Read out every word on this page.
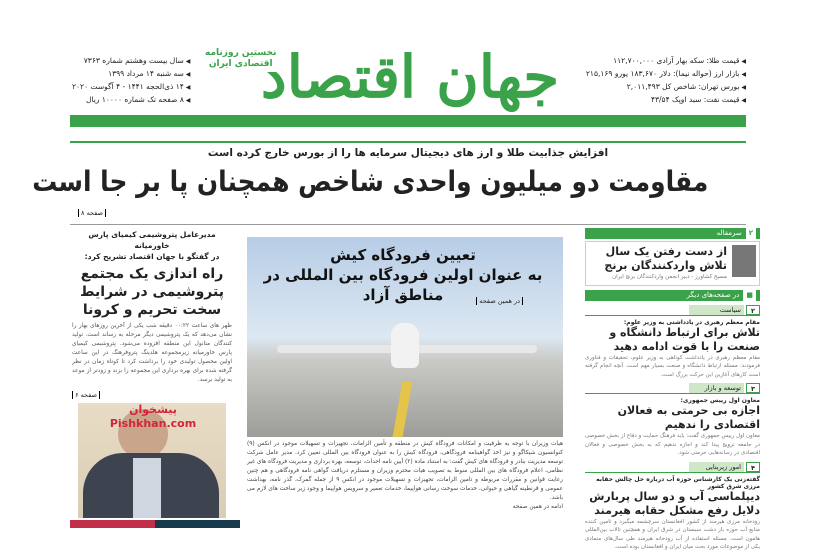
◀ سال بیست وهشتم شماره ۷۳۶۳
◀ سه شنبه ۱۴ مرداد ۱۳۹۹
◀ ۱۴ ذی‌الحجه ۱۴۴۱ - ۴ آگوست ۲۰۲۰
◀ ۸ صفحه تک شماره ۱۰۰۰۰ ریال جهان اقتصاد
نخستین روزنامه
اقتصادی ایران	◀ قیمت طلا: سکه بهار آزادی ۱۱۲,۷۰۰,۰۰۰
◀ بازار ارز (حواله نیما): دلار ۱۸۳,۶۷۰ یورو ۲۱۵,۱۶۹
◀ بورس تهران: شاخص کل ۲,۰۱۱,۴۹۳
◀ قیمت نفت: سبد اوپک ۴۳/۵۴
افزایش جذابیت طلا و ارز های دیجیتال سرمایه ها را از بورس خارج کرده است
مقاومت دو میلیون واحدی شاخص همچنان پا بر جا است
صفحه ۸
مدیرعامل پتروشیمی کیمیای پارس خاورمیانه
در گفتگو با جهان اقتصاد تشریح کرد:
راه اندازی یک مجتمع پتروشیمی در شرایط سخت تحریم و کرونا
ظهر های ساعت ۰۰:۲۲ دقیقه شب یکی از آخرین روزهای بهار را نشان می‌دهد که یک پتروشیمی دیگر مرحله به رساند است. تولید کنندگان متانول این منطقه افزوده می‌شود. پتروشیمی کیمیای پارس خاورمیانه زیرمجموعه هلدینگ پتروفرهنگ در این ساعت اولین محصول تولیدی خود را برداشت کرد تا کوتاه زمان در نظر گرفته شده برای بهره برداری این مجموعه را بزند و زودتر از موعد به تولید برسد.
صفحه ۶
پیشخوان Pishkhan.com
تعیین فرودگاه کیش
به عنوان اولین فرودگاه بین المللی در مناطق آزاد	در همین صفحه
هیات وزیران با توجه به ظرفیت و امکانات فرودگاه کیش در منطقه و تأمین الزامات، تجهیزات و تسهیلات موجود در انکس (۹) کنوانسیون شیکاگو و نیز اخذ گواهینامه فرودگاهی، فرودگاه کیش را به عنوان فرودگاه بین المللی تعیین کرد. مدیر عامل شرکت توسعه مدیریت بنادر و فرودگاه های کیش گفت: به استناد ماده (۲) آیین نامه احداث، توسعه، بهره برداری و مدیریت فرودگاه های غیر نظامی، اعلام فرودگاه های بین المللی منوط به تصویب هیات محترم وزیران و مستلزم دریافت گواهی نامه فرودگاهی و هم چنین رعایت قوانین و مقررات مربوطه و تامین الزامات، تجهیزات و تسهیلات موجود در انکس ۹ از جمله گمرک، گذر نامه، بهداشت عمومی و قرنطینه گیاهی و حیوانی، خدمات سوخت رسانی هواپیما، خدمات تعمیر و سرویس هواپیما و وجود زیر ساخت های لازم می باشد.
ادامه در همین صفحه
۲
سرمقاله
از دست رفتن یک سال تلاش واردکنندگان برنج
مسیح کشاورز - دبیر انجمن واردکنندگان برنج ایران
■
در صفحه‌های دیگر
۲
سیاست
مقام معظم رهبری در یادداشتی به وزیر علوم:
تلاش برای ارتباط دانشگاه و صنعت را با قوت ادامه دهید
مقام معظم رهبری در یادداشت کوتاهی به وزیر علوم، تحقیقات و فناوری فرمودند: مسئله ارتباط دانشگاه و صنعت بسیار مهم است. آنچه انجام گرفته است کارهای آغازین این حرکت بزرگ است.
۳
توسعه و بازار
معاون اول رییس جمهوری:
اجازه بی حرمتی به فعالان اقتصادی را ندهیم
معاون اول رییس جمهوری گفت: باید فرهنگ حمایت و دفاع از بخش خصوصی در جامعه ترویج پیدا کند و اجازه ندهیم که به بخش خصوصی و فعالان اقتصادی در رسانه‌هایی حرمتی شود.
۴
امور زیربنایی
گفته‌زنی یک کارشناس حوزه آب درباره حل چالش حقابه مرزی شرق کشور
دیپلماسی آب و دو سال پربارش دلایل رفع مشکل حقابه هیرمند
رودخانه مرزی هیرمند از کشور افغانستان سرچشمه میگیرد و تامین کننده منابع آب حوزه باز دشت سیستان در شرق ایران و همچنین تالاب بین‌المللی هامون است. مسئله استفاده از آب رودخانه هیرمند طی سال‌های متمادی یکی از موضوعات مورد بحث میان ایران و افغانستان بوده است.
